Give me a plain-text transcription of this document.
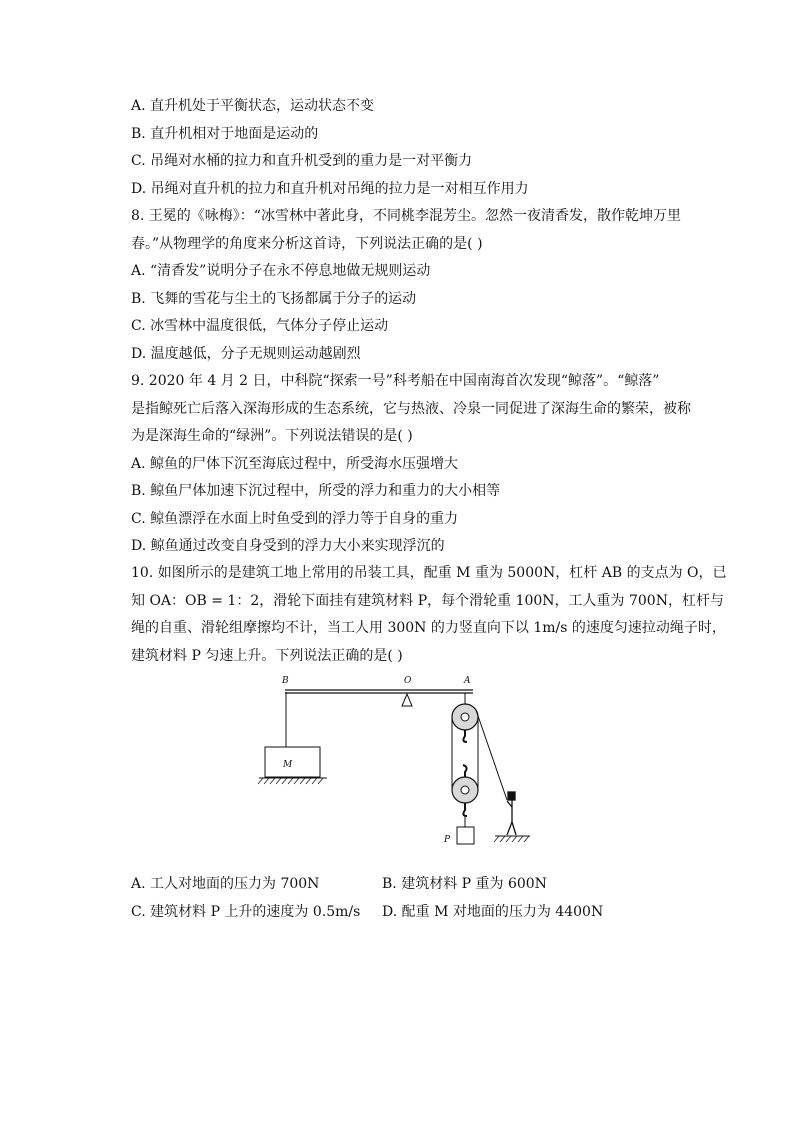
A. 直升机处于平衡状态，运动状态不变
B. 直升机相对于地面是运动的
C. 吊绳对水桶的拉力和直升机受到的重力是一对平衡力
D. 吊绳对直升机的拉力和直升机对吊绳的拉力是一对相互作用力
8. 王冕的《咏梅》：“冰雪林中著此身，不同桃李混芳尘。忽然一夜清香发，散作乾坤万里
春。”从物理学的角度来分析这首诗，下列说法正确的是( )
A. “清香发”说明分子在永不停息地做无规则运动
B. 飞舞的雪花与尘土的飞扬都属于分子的运动
C. 冰雪林中温度很低，气体分子停止运动
D. 温度越低，分子无规则运动越剧烈
9. 2020 年 4 月 2 日，中科院“探索一号”科考船在中国南海首次发现“鲸落”。“鲸落”
是指鲸死亡后落入深海形成的生态系统，它与热液、冷泉一同促进了深海生命的繁荣，被称
为是深海生命的“绿洲”。下列说法错误的是( )
A. 鲸鱼的尸体下沉至海底过程中，所受海水压强增大
B. 鲸鱼尸体加速下沉过程中，所受的浮力和重力的大小相等
C. 鲸鱼漂浮在水面上时鱼受到的浮力等于自身的重力
D. 鲸鱼通过改变自身受到的浮力大小来实现浮沉的
10. 如图所示的是建筑工地上常用的吊装工具，配重 M 重为 5000N，杠杆 AB 的支点为 O，已
知 OA：OB = 1：2，滑轮下面挂有建筑材料 P，每个滑轮重 100N，工人重为 700N，杠杆与
绳的自重、滑轮组摩擦均不计，当工人用 300N 的力竖直向下以 1m/s 的速度匀速拉动绳子时，
建筑材料 P 匀速上升。下列说法正确的是( )
B	O	A
M
P
A. 工人对地面的压力为 700N	B. 建筑材料 P 重为 600N
C. 建筑材料 P 上升的速度为 0.5m/s D. 配重 M 对地面的压力为 4400N
